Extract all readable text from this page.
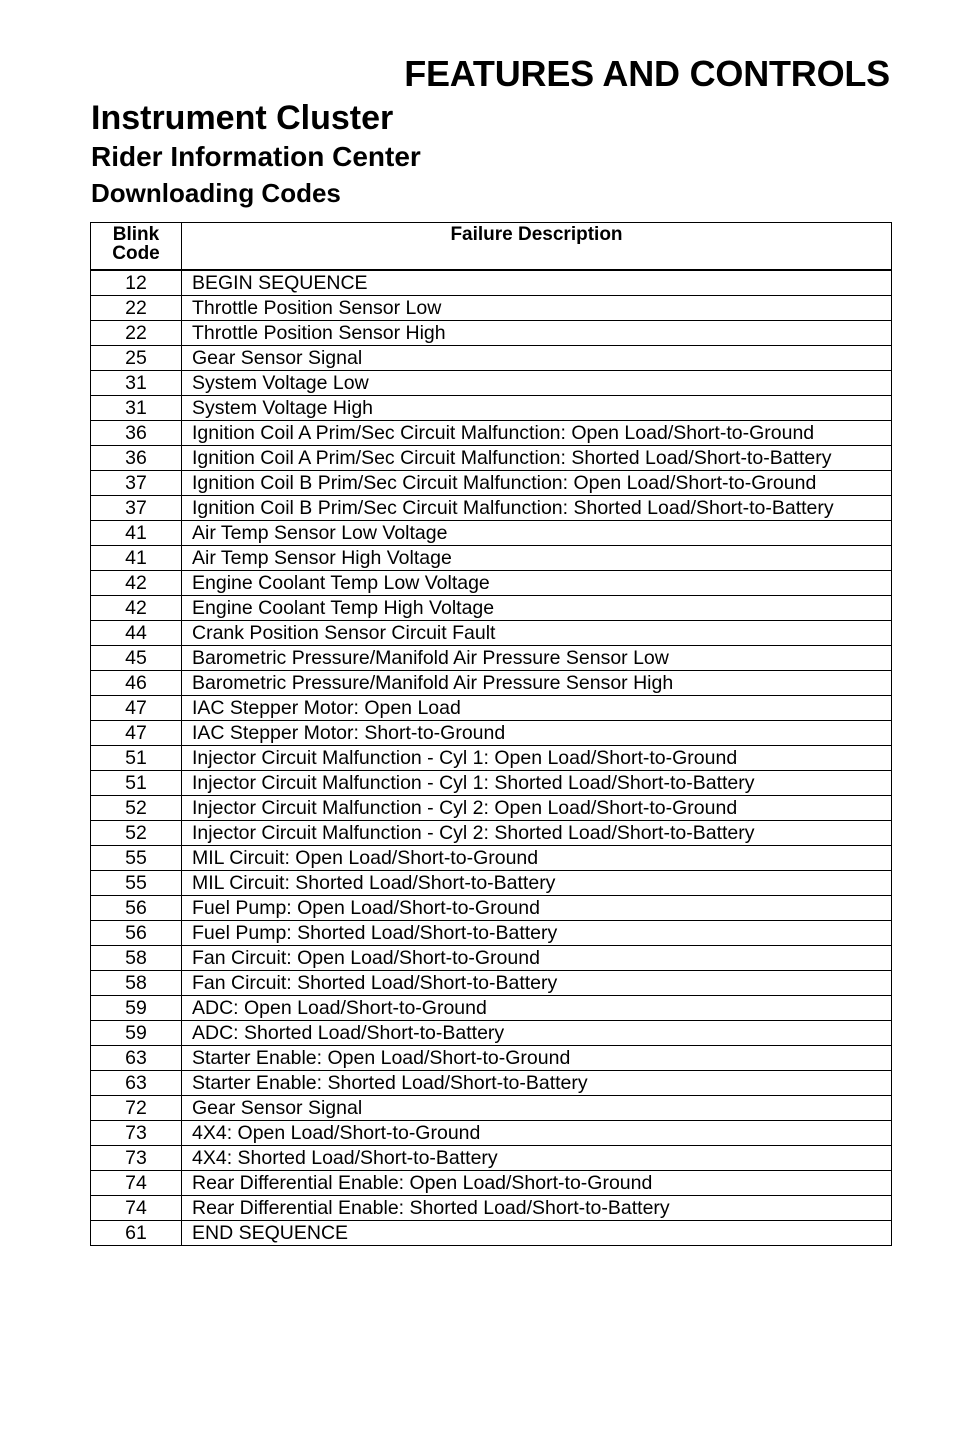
FEATURES AND CONTROLS
Instrument Cluster
Rider Information Center
Downloading Codes
Blink
Code	Failure Description
12	BEGIN SEQUENCE
22	Throttle Position Sensor Low
22	Throttle Position Sensor High
25	Gear Sensor Signal
31	System Voltage Low
31	System Voltage High
36	Ignition Coil A Prim/Sec Circuit Malfunction: Open Load/Short-to-Ground
36	Ignition Coil A Prim/Sec Circuit Malfunction: Shorted Load/Short-to-Battery
37	Ignition Coil B Prim/Sec Circuit Malfunction: Open Load/Short-to-Ground
37	Ignition Coil B Prim/Sec Circuit Malfunction: Shorted Load/Short-to-Battery
41	Air Temp Sensor Low Voltage
41	Air Temp Sensor High Voltage
42	Engine Coolant Temp Low Voltage
42	Engine Coolant Temp High Voltage
44	Crank Position Sensor Circuit Fault
45	Barometric Pressure/Manifold Air Pressure Sensor Low
46	Barometric Pressure/Manifold Air Pressure Sensor High
47	IAC Stepper Motor: Open Load
47	IAC Stepper Motor: Short-to-Ground
51	Injector Circuit Malfunction - Cyl 1: Open Load/Short-to-Ground
51	Injector Circuit Malfunction - Cyl 1: Shorted Load/Short-to-Battery
52	Injector Circuit Malfunction - Cyl 2: Open Load/Short-to-Ground
52	Injector Circuit Malfunction - Cyl 2: Shorted Load/Short-to-Battery
55	MIL Circuit: Open Load/Short-to-Ground
55	MIL Circuit: Shorted Load/Short-to-Battery
56	Fuel Pump: Open Load/Short-to-Ground
56	Fuel Pump: Shorted Load/Short-to-Battery
58	Fan Circuit: Open Load/Short-to-Ground
58	Fan Circuit: Shorted Load/Short-to-Battery
59	ADC: Open Load/Short-to-Ground
59	ADC: Shorted Load/Short-to-Battery
63	Starter Enable: Open Load/Short-to-Ground
63	Starter Enable: Shorted Load/Short-to-Battery
72	Gear Sensor Signal
73	4X4: Open Load/Short-to-Ground
73	4X4: Shorted Load/Short-to-Battery
74	Rear Differential Enable: Open Load/Short-to-Ground
74	Rear Differential Enable: Shorted Load/Short-to-Battery
61	END SEQUENCE
